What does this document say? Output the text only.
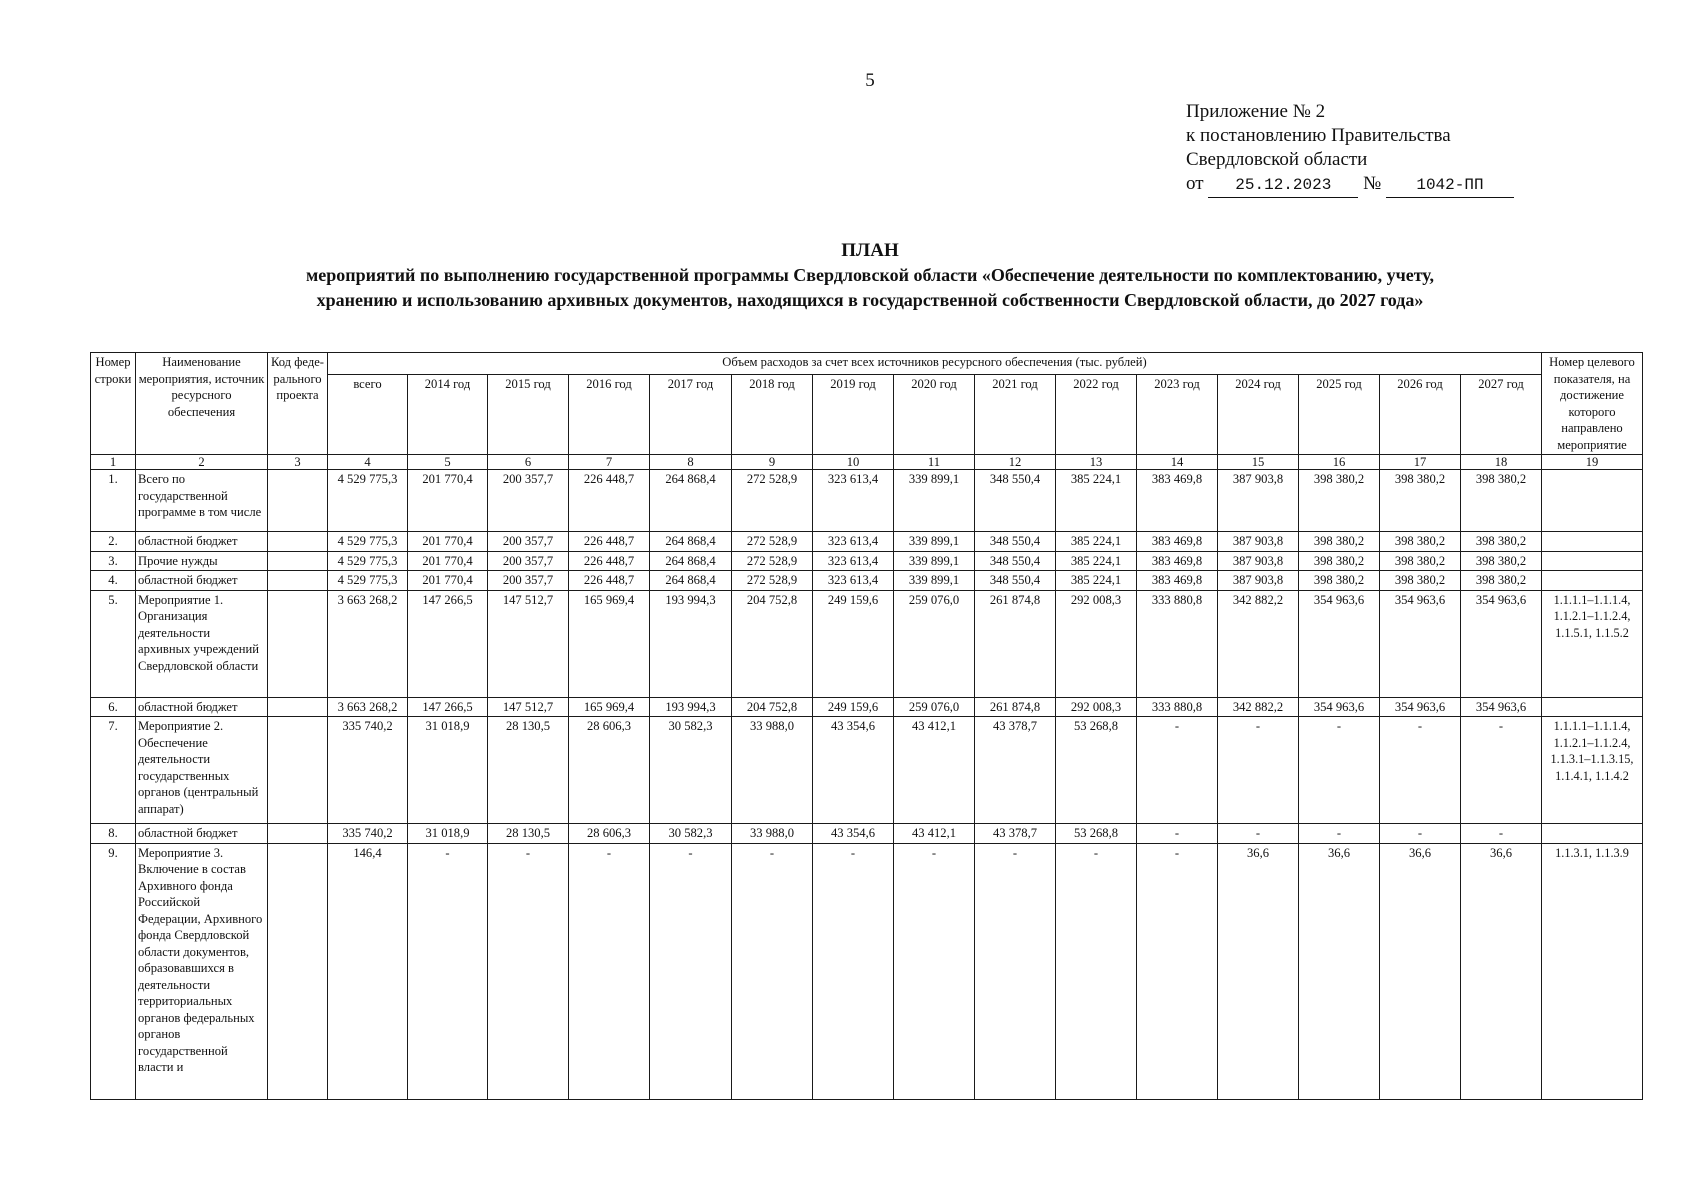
5
Приложение № 2
к постановлению Правительства
Свердловской области
от 25.12.2023 № 1042-ПП
ПЛАН
мероприятий по выполнению государственной программы Свердловской области «Обеспечение деятельности по комплектованию, учету,
хранению и использованию архивных документов, находящихся в государственной собственности Свердловской области, до 2027 года»
Номер строки	Наименование мероприятия, источник ресурсного обеспечения	Код феде-рального проекта	Объем расходов за счет всех источников ресурсного обеспечения (тыс. рублей)															Номер целевого показателя, на достижение которого направлено мероприятие
			всего	2014 год	2015 год	2016 год	2017 год	2018 год	2019 год	2020 год	2021 год	2022 год	2023 год	2024 год	2025 год	2026 год	2027 год	
1	2	3	4	5	6	7	8	9	10	11	12	13	14	15	16	17	18	19
1.	Всего по государственной программе в том числе		4 529 775,3	201 770,4	200 357,7	226 448,7	264 868,4	272 528,9	323 613,4	339 899,1	348 550,4	385 224,1	383 469,8	387 903,8	398 380,2	398 380,2	398 380,2	
2.	областной бюджет		4 529 775,3	201 770,4	200 357,7	226 448,7	264 868,4	272 528,9	323 613,4	339 899,1	348 550,4	385 224,1	383 469,8	387 903,8	398 380,2	398 380,2	398 380,2	
3.	Прочие нужды		4 529 775,3	201 770,4	200 357,7	226 448,7	264 868,4	272 528,9	323 613,4	339 899,1	348 550,4	385 224,1	383 469,8	387 903,8	398 380,2	398 380,2	398 380,2	
4.	областной бюджет		4 529 775,3	201 770,4	200 357,7	226 448,7	264 868,4	272 528,9	323 613,4	339 899,1	348 550,4	385 224,1	383 469,8	387 903,8	398 380,2	398 380,2	398 380,2	
5.	Мероприятие 1. Организация деятельности архивных учреждений Свердловской области		3 663 268,2	147 266,5	147 512,7	165 969,4	193 994,3	204 752,8	249 159,6	259 076,0	261 874,8	292 008,3	333 880,8	342 882,2	354 963,6	354 963,6	354 963,6	1.1.1.1–1.1.1.4, 1.1.2.1–1.1.2.4, 1.1.5.1, 1.1.5.2
6.	областной бюджет		3 663 268,2	147 266,5	147 512,7	165 969,4	193 994,3	204 752,8	249 159,6	259 076,0	261 874,8	292 008,3	333 880,8	342 882,2	354 963,6	354 963,6	354 963,6	
7.	Мероприятие 2. Обеспечение деятельности государственных органов (центральный аппарат)		335 740,2	31 018,9	28 130,5	28 606,3	30 582,3	33 988,0	43 354,6	43 412,1	43 378,7	53 268,8	-	-	-	-	-	1.1.1.1–1.1.1.4, 1.1.2.1–1.1.2.4, 1.1.3.1–1.1.3.15, 1.1.4.1, 1.1.4.2
8.	областной бюджет		335 740,2	31 018,9	28 130,5	28 606,3	30 582,3	33 988,0	43 354,6	43 412,1	43 378,7	53 268,8	-	-	-	-	-	
9.	Мероприятие 3. Включение в состав Архивного фонда Российской Федерации, Архивного фонда Свердловской области документов, образовавшихся в деятельности территориальных органов федеральных органов государственной власти и		146,4	-	-	-	-	-	-	-	-	-	-	36,6	36,6	36,6	36,6	1.1.3.1, 1.1.3.9
